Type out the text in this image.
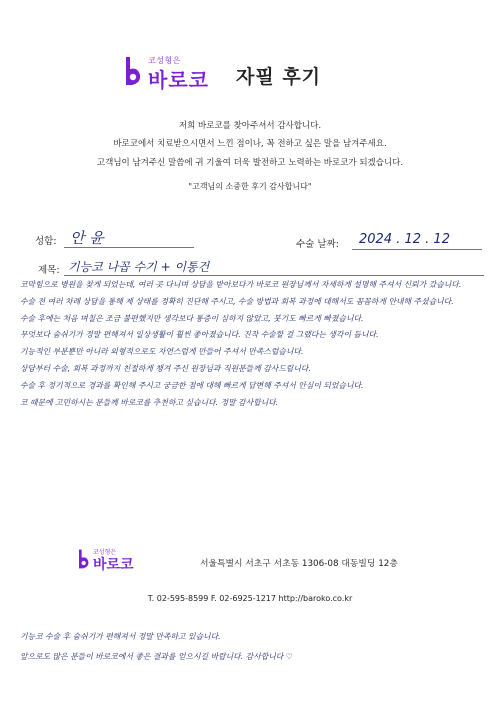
코성형은
바로코 자필 후기
저희 바로코를 찾아주셔서 감사합니다.
바로코에서 치료받으시면서 느낀 점이나, 꼭 전하고 싶은 말을 남겨주세요.
고객님이 남겨주신 말씀에 귀 기울여 더욱 발전하고 노력하는 바로코가 되겠습니다.
"고객님의 소중한 후기 감사합니다"
성함: 안 윤	수술 날짜: 2024 . 12 . 12
제목: 기능코 나꼽 수기 + 이통건

코막힘으로 병원을 찾게 되었는데, 여러 곳 다니며 상담을 받아보다가 바로코 원장님께서 자세하게 설명해 주셔서 신뢰가 갔습니다.

수술 전 여러 차례 상담을 통해 제 상태를 정확히 진단해 주시고, 수술 방법과 회복 과정에 대해서도 꼼꼼하게 안내해 주셨습니다.

수술 후에는 처음 며칠은 조금 불편했지만 생각보다 통증이 심하지 않았고, 붓기도 빠르게 빠졌습니다.

무엇보다 숨쉬기가 정말 편해져서 일상생활이 훨씬 좋아졌습니다. 진작 수술할 걸 그랬다는 생각이 듭니다.

기능적인 부분뿐만 아니라 외형적으로도 자연스럽게 만들어 주셔서 만족스럽습니다.

상담부터 수술, 회복 과정까지 친절하게 챙겨 주신 원장님과 직원분들께 감사드립니다.

수술 후 정기적으로 경과를 확인해 주시고 궁금한 점에 대해 빠르게 답변해 주셔서 안심이 되었습니다.

코 때문에 고민하시는 분들께 바로코를 추천하고 싶습니다. 정말 감사합니다.

코성형은
바로코	서울특별시 서초구 서초동 1306-08 대동빌딩 12층
T. 02-595-8599 F. 02-6925-1217 http://baroko.co.kr

기능코 수술 후 숨쉬기가 편해져서 정말 만족하고 있습니다.

앞으로도 많은 분들이 바로코에서 좋은 결과를 얻으시길 바랍니다. 감사합니다 ♡
